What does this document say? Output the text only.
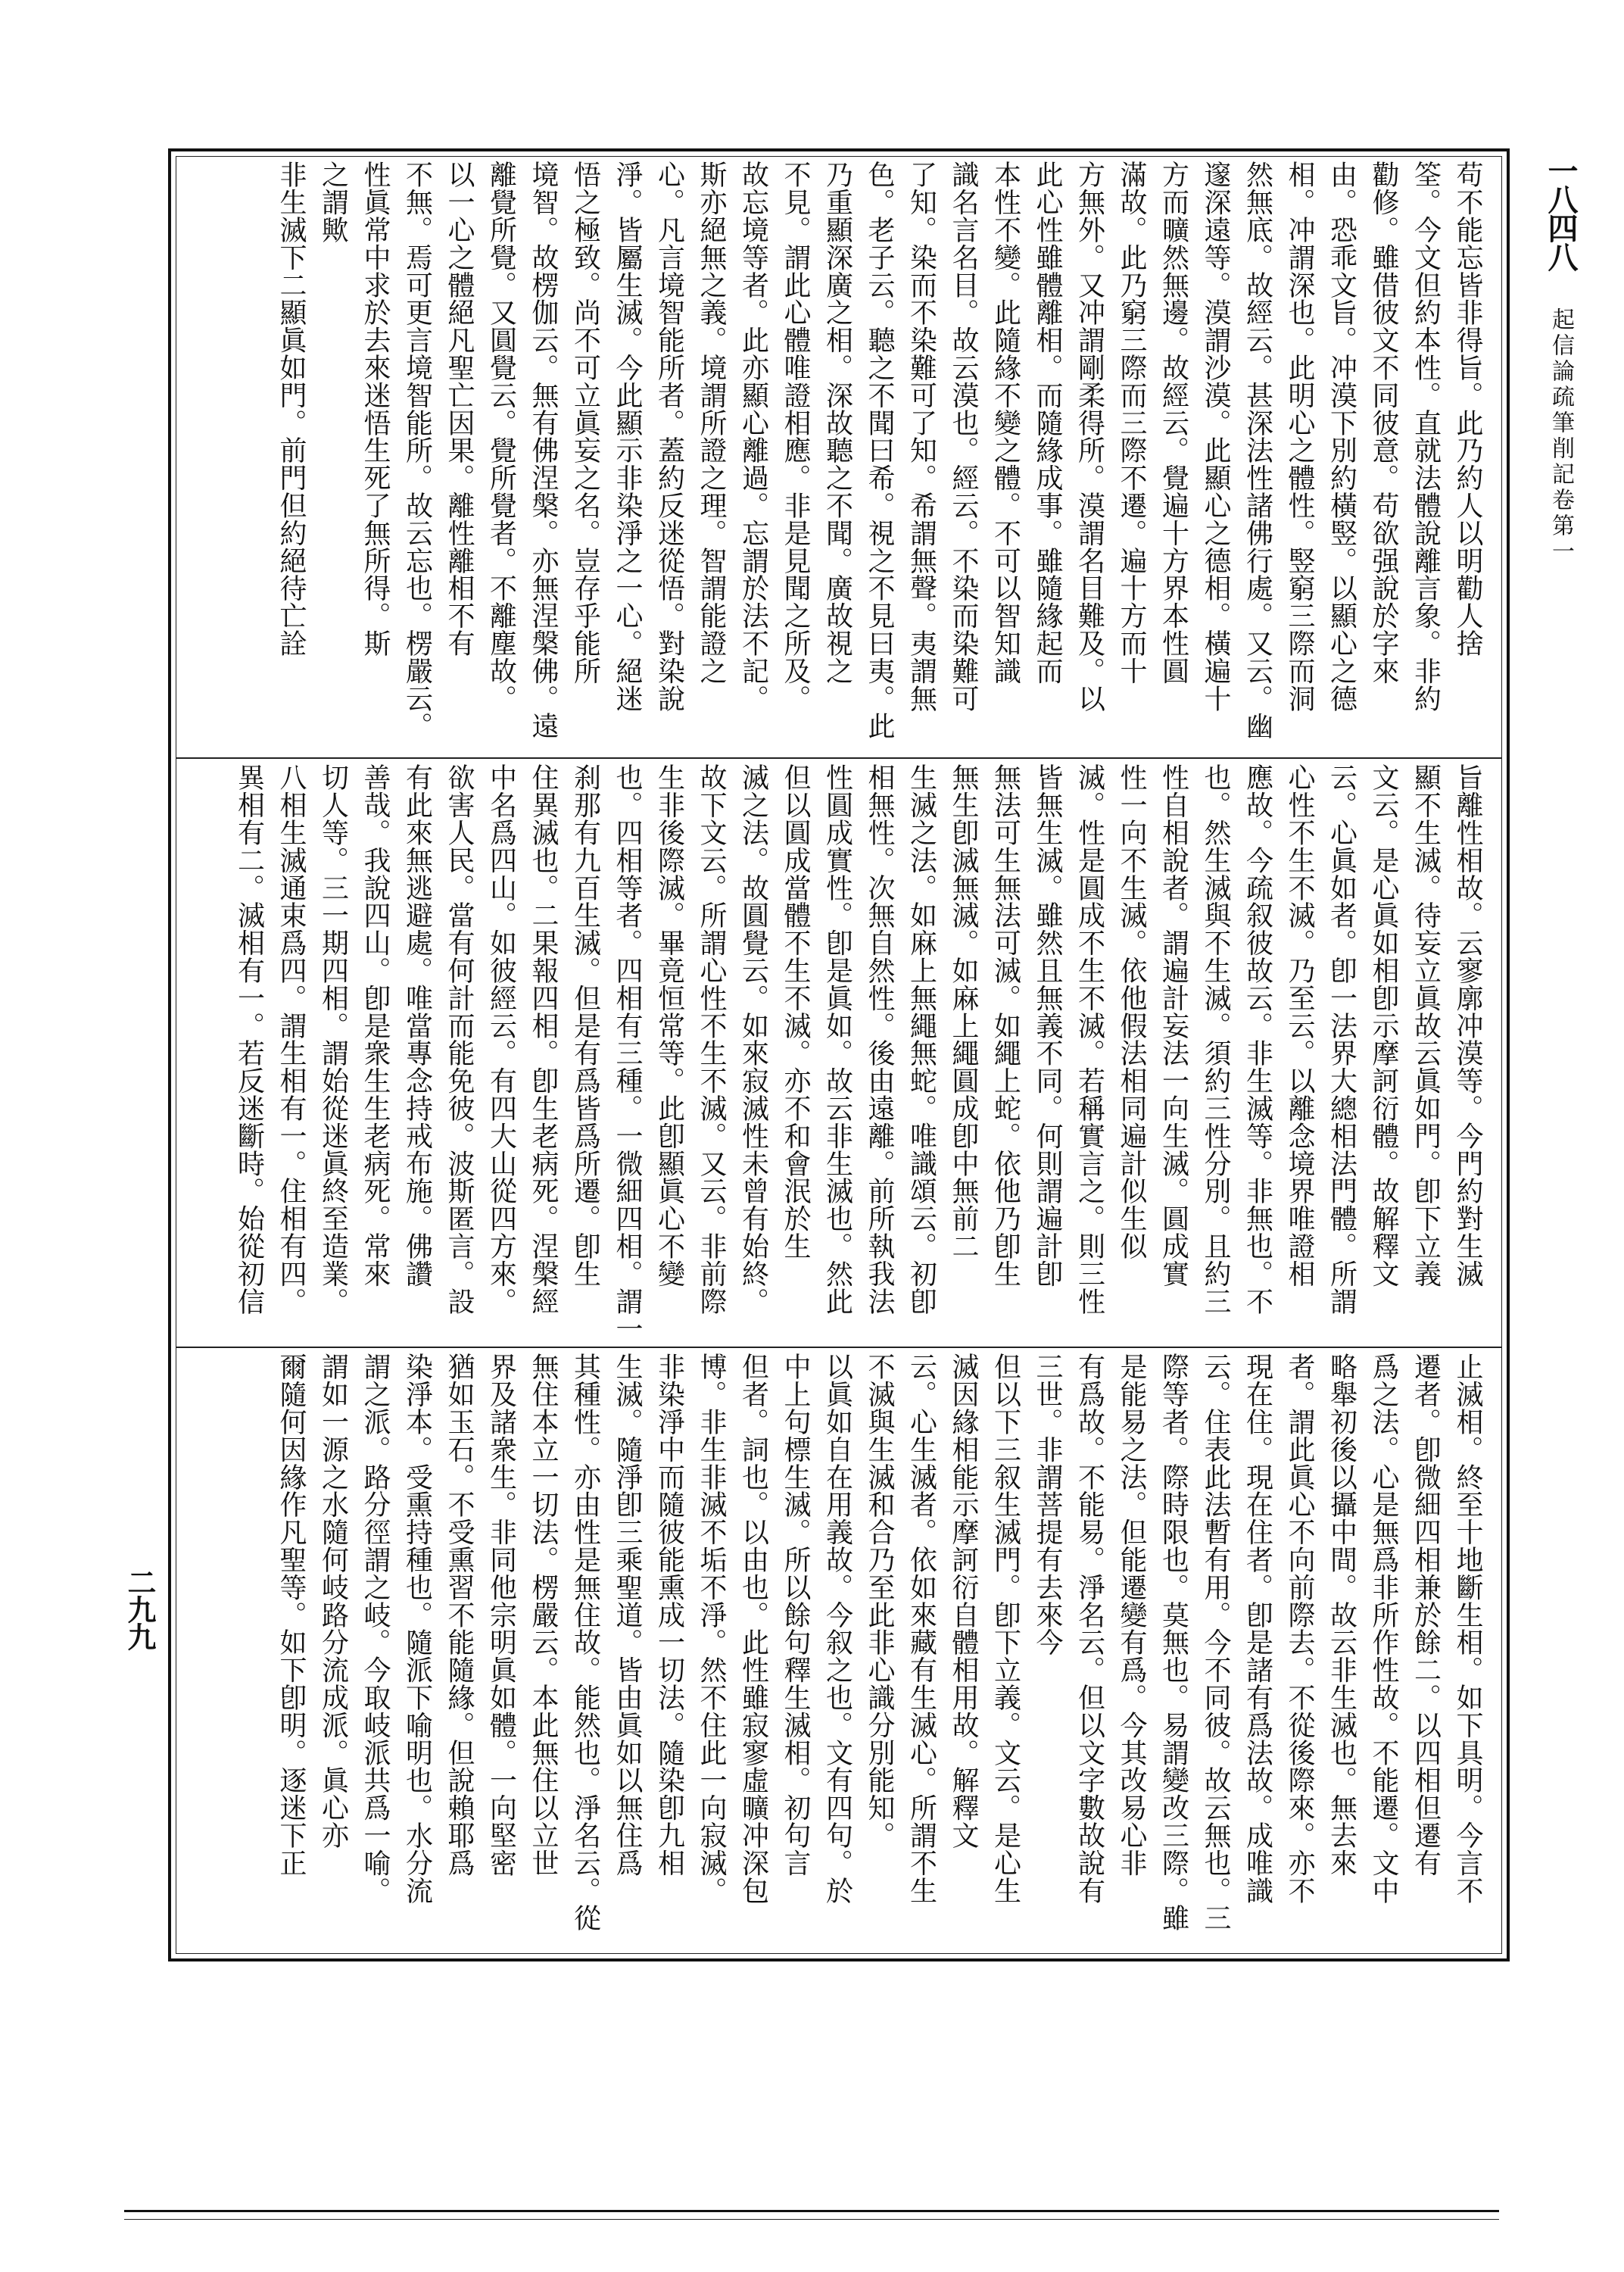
一八四八 起信論疏筆削記卷第一
二九九
苟不能忘皆非得旨。此乃約人以明勸人捨
筌。今文但約本性。直就法體說離言象。非約
勸修。雖借彼文不同彼意。苟欲强說於字來
由。恐乖文旨。冲漠下別約橫竪。以顯心之德
相。冲謂深也。此明心之體性。竪窮三際而洞
然無底。故經云。甚深法性諸佛行處。又云。幽
邃深遠等。漠謂沙漠。此顯心之德相。橫遍十
方而曠然無邊。故經云。覺遍十方界本性圓
滿故。此乃窮三際而三際不遷。遍十方而十
方無外。又冲謂剛柔得所。漠謂名目難及。以
此心性雖體離相。而隨緣成事。雖隨緣起而
本性不變。此隨緣不變之體。不可以智知識
識名言名目。故云漠也。經云。不染而染難可
了知。染而不染難可了知。希謂無聲。夷謂無
色。老子云。聽之不聞曰希。視之不見曰夷。此
乃重顯深廣之相。深故聽之不聞。廣故視之
不見。謂此心體唯證相應。非是見聞之所及。
故忘境等者。此亦顯心離過。忘謂於法不記。
斯亦絕無之義。境謂所證之理。智謂能證之
心。凡言境智能所者。蓋約反迷從悟。對染說
淨。皆屬生滅。今此顯示非染淨之一心。絕迷
悟之極致。尚不可立眞妄之名。豈存乎能所
境智。故楞伽云。無有佛涅槃。亦無涅槃佛。遠
離覺所覺。又圓覺云。覺所覺者。不離塵故。
以一心之體絕凡聖亡因果。離性離相不有
不無。焉可更言境智能所。故云忘也。楞嚴云。
性眞常中求於去來迷悟生死了無所得。斯
之謂歟
非生滅下二顯眞如門。前門但約絕待亡詮
旨離性相故。云寥廓冲漠等。今門約對生滅
顯不生滅。待妄立眞故云眞如門。卽下立義
文云。是心眞如相卽示摩訶衍體。故解釋文
云。心眞如者。卽一法界大總相法門體。所謂
心性不生不滅。乃至云。以離念境界唯證相
應故。今疏叙彼故云。非生滅等。非無也。不
也。然生滅與不生滅。須約三性分別。且約三
性自相說者。謂遍計妄法一向生滅。圓成實
性一向不生滅。依他假法相同遍計似生似
滅。性是圓成不生不滅。若稱實言之。則三性
皆無生滅。雖然且無義不同。何則謂遍計卽
無法可生無法可滅。如繩上蛇。依他乃卽生
無生卽滅無滅。如麻上繩圓成卽中無前二
生滅之法。如麻上無繩無蛇。唯識頌云。初卽
相無性。次無自然性。後由遠離。前所執我法
性圓成實性。卽是眞如。故云非生滅也。然此
但以圓成當體不生不滅。亦不和會泯於生
滅之法。故圓覺云。如來寂滅性未曾有始終。
故下文云。所謂心性不生不滅。又云。非前際
生非後際滅。畢竟恒常等。此卽顯眞心不變
也。四相等者。四相有三種。一微細四相。謂一
刹那有九百生滅。但是有爲皆爲所遷。卽生
住異滅也。二果報四相。卽生老病死。涅槃經
中名爲四山。如彼經云。有四大山從四方來。
欲害人民。當有何計而能免彼。波斯匿言。設
有此來無逃避處。唯當專念持戒布施。佛讚
善哉。我說四山。卽是衆生生老病死。常來
切人等。三一期四相。謂始從迷眞終至造業。
八相生滅通束爲四。謂生相有一。住相有四。
異相有二。滅相有一。若反迷斷時。始從初信
止滅相。終至十地斷生相。如下具明。今言不
遷者。卽微細四相兼於餘二。以四相但遷有
爲之法。心是無爲非所作性故。不能遷。文中
略舉初後以攝中間。故云非生滅也。無去來
者。謂此眞心不向前際去。不從後際來。亦不
現在住。現在住者。卽是諸有爲法故。成唯識
云。住表此法暫有用。今不同彼。故云無也。三
際等者。際時限也。莫無也。易謂變改三際。雖
是能易之法。但能遷變有爲。今其改易心非
有爲故。不能易。淨名云。但以文字數故說有
三世。非謂菩提有去來今
但以下三叙生滅門。卽下立義。文云。是心生
滅因緣相能示摩訶衍自體相用故。解釋文
云。心生滅者。依如來藏有生滅心。所謂不生
不滅與生滅和合乃至此非心識分別能知。
以眞如自在用義故。今叙之也。文有四句。於
中上句標生滅。所以餘句釋生滅相。初句言
但者。詞也。以由也。此性雖寂寥虛曠冲深包
博。非生非滅不垢不淨。然不住此一向寂滅。
非染淨中而隨彼能熏成一切法。隨染卽九相
生滅。隨淨卽三乘聖道。皆由眞如以無住爲
其種性。亦由性是無住故。能然也。淨名云。從
無住本立一切法。楞嚴云。本此無住以立世
界及諸衆生。非同他宗明眞如體。一向堅密
猶如玉石。不受熏習不能隨緣。但說賴耶爲
染淨本。受熏持種也。隨派下喻明也。水分流
謂之派。路分徑謂之岐。今取岐派共爲一喻。
謂如一源之水隨何岐路分流成派。眞心亦
爾隨何因緣作凡聖等。如下卽明。逐迷下正
